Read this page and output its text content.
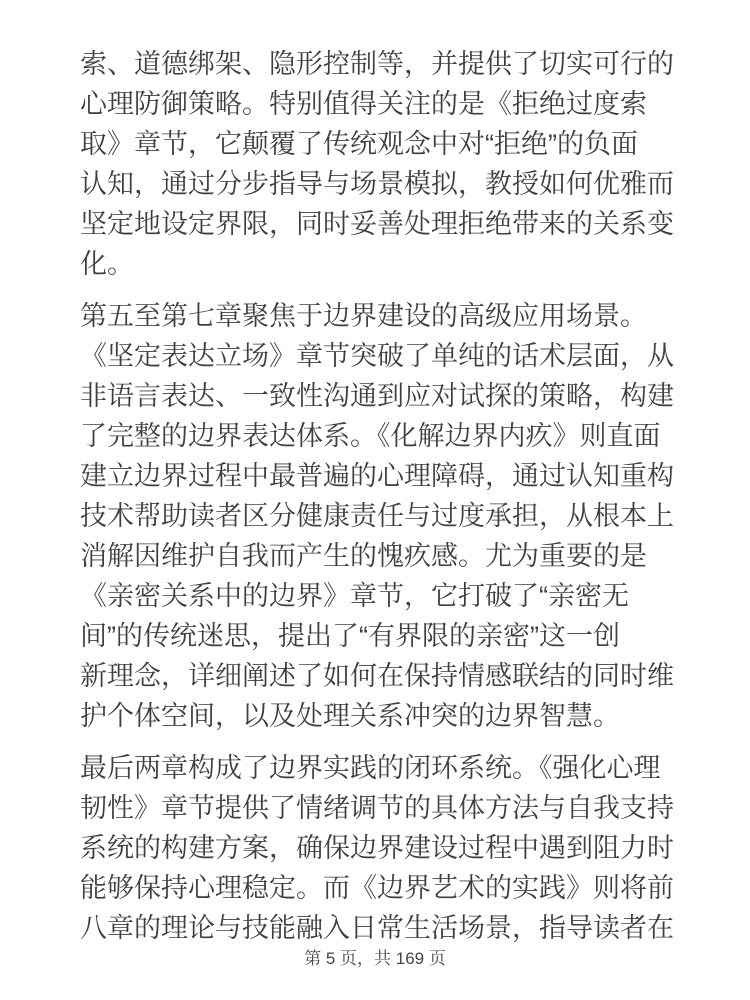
索、道德绑架、隐形控制等，并提供了切实可行的
心理防御策略。特别值得关注的是《拒绝过度索
取》章节，它颠覆了传统观念中对“拒绝”的负面
认知，通过分步指导与场景模拟，教授如何优雅而
坚定地设定界限，同时妥善处理拒绝带来的关系变
化。
第五至第七章聚焦于边界建设的高级应用场景。
《坚定表达立场》章节突破了单纯的话术层面，从
非语言表达、一致性沟通到应对试探的策略，构建
了完整的边界表达体系。《化解边界内疚》则直面
建立边界过程中最普遍的心理障碍，通过认知重构
技术帮助读者区分健康责任与过度承担，从根本上
消解因维护自我而产生的愧疚感。尤为重要的是
《亲密关系中的边界》章节，它打破了“亲密无
间”的传统迷思，提出了“有界限的亲密”这一创
新理念，详细阐述了如何在保持情感联结的同时维
护个体空间，以及处理关系冲突的边界智慧。
最后两章构成了边界实践的闭环系统。《强化心理
韧性》章节提供了情绪调节的具体方法与自我支持
系统的构建方案，确保边界建设过程中遇到阻力时
能够保持心理稳定。而《边界艺术的实践》则将前
八章的理论与技能融入日常生活场景，指导读者在
第 5 页，共 169 页
